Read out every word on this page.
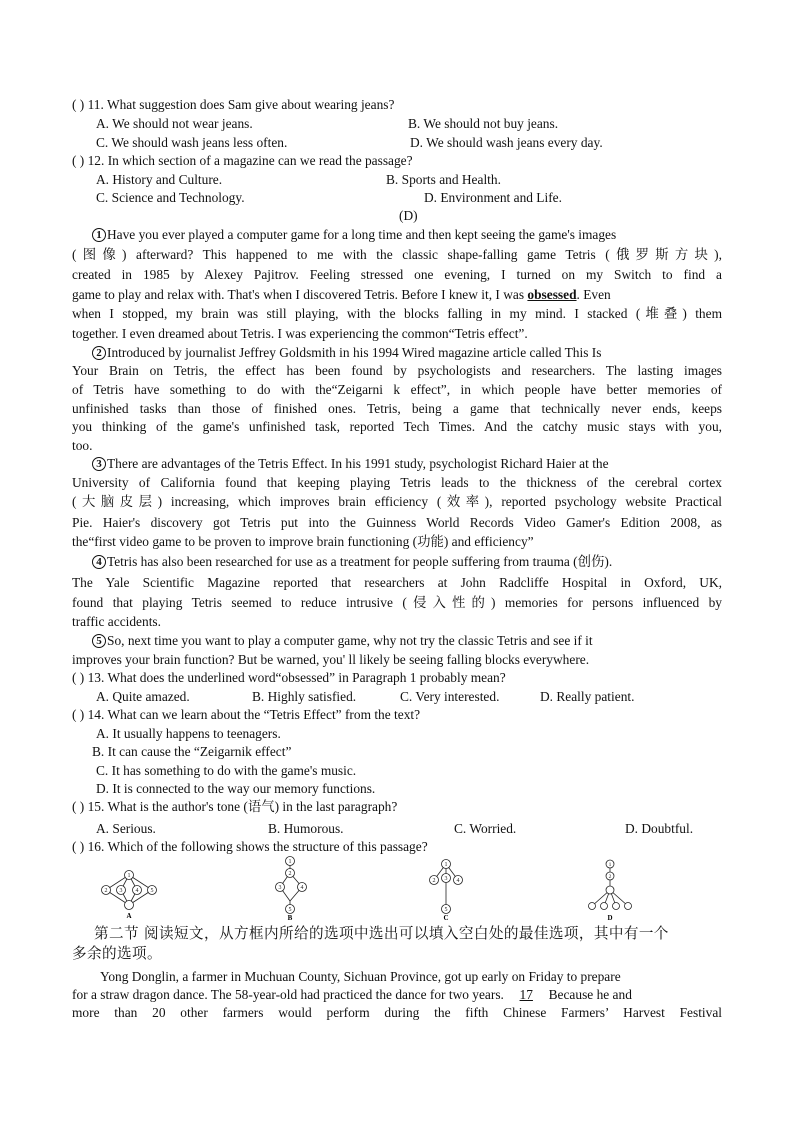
( ) 11. What suggestion does Sam give about wearing jeans?
A. We should not wear jeans.	B. We should not buy jeans.
C. We should wash jeans less often.	D. We should wash jeans every day.
( ) 12. In which section of a magazine can we read the passage?
A. History and Culture.	B. Sports and Health.
C. Science and Technology.	D. Environment and Life.
(D)
1 Have you ever played a computer game for a long time and then kept seeing the game's images
(图像) afterward? This happened to me with the classic shape-falling game Tetris (俄罗斯方块),
created in 1985 by Alexey Pajitrov. Feeling stressed one evening, I turned on my Switch to find a
game to play and relax with. That's when I discovered Tetris. Before I knew it, I was obsessed. Even
when I stopped, my brain was still playing, with the blocks falling in my mind. I stacked (堆叠) them
together. I even dreamed about Tetris. I was experiencing the common“Tetris effect”.
2 Introduced by journalist Jeffrey Goldsmith in his 1994 Wired magazine article called This Is
Your Brain on Tetris, the effect has been found by psychologists and researchers. The lasting images
of Tetris have something to do with the“Zeigarni k effect”, in which people have better memories of
unfinished tasks than those of finished ones. Tetris, being a game that technically never ends, keeps
you thinking of the game's unfinished task, reported Tech Times. And the catchy music stays with you,
too.
3 There are advantages of the Tetris Effect. In his 1991 study, psychologist Richard Haier at the
University of California found that keeping playing Tetris leads to the thickness of the cerebral cortex
(大脑皮层) increasing, which improves brain efficiency (效率), reported psychology website Practical
Pie. Haier's discovery got Tetris put into the Guinness World Records Video Gamer's Edition 2008, as
the“first video game to be proven to improve brain functioning (功能) and efficiency”
4 Tetris has also been researched for use as a treatment for people suffering from trauma (创伤).
The Yale Scientific Magazine reported that researchers at John Radcliffe Hospital in Oxford, UK,
found that playing Tetris seemed to reduce intrusive (侵入性的) memories for persons influenced by
traffic accidents.
5 So, next time you want to play a computer game, why not try the classic Tetris and see if it
improves your brain function? But be warned, you' ll likely be seeing falling blocks everywhere.
( ) 13. What does the underlined word“obsessed” in Paragraph 1 probably mean?
A. Quite amazed.	B. Highly satisfied.	C. Very interested.	D. Really patient.
( ) 14. What can we learn about the “Tetris Effect” from the text?
A. It usually happens to teenagers.
B. It can cause the “Zeigarnik effect”
C. It has something to do with the game's music.
D. It is connected to the way our memory functions.
( ) 15. What is the author's tone (语气) in the last paragraph?
A. Serious.	B. Humorous.	C. Worried.	D. Doubtful.
( ) 16. Which of the following shows the structure of this passage?
1
2 3 4 5
A
1
2
3	4
5
B
1
2 3 4
5
C
1
2
D
第二节 阅读短文，从方框内所给的选项中选出可以填入空白处的最佳选项，其中有一个
多余的选项。
Yong Donglin, a farmer in Muchuan County, Sichuan Province, got up early on Friday to prepare
for a straw dragon dance. The 58-year-old had practiced the dance for two years. 17 Because he and
more than 20 other farmers would perform during the fifth Chinese Farmers’ Harvest Festival
